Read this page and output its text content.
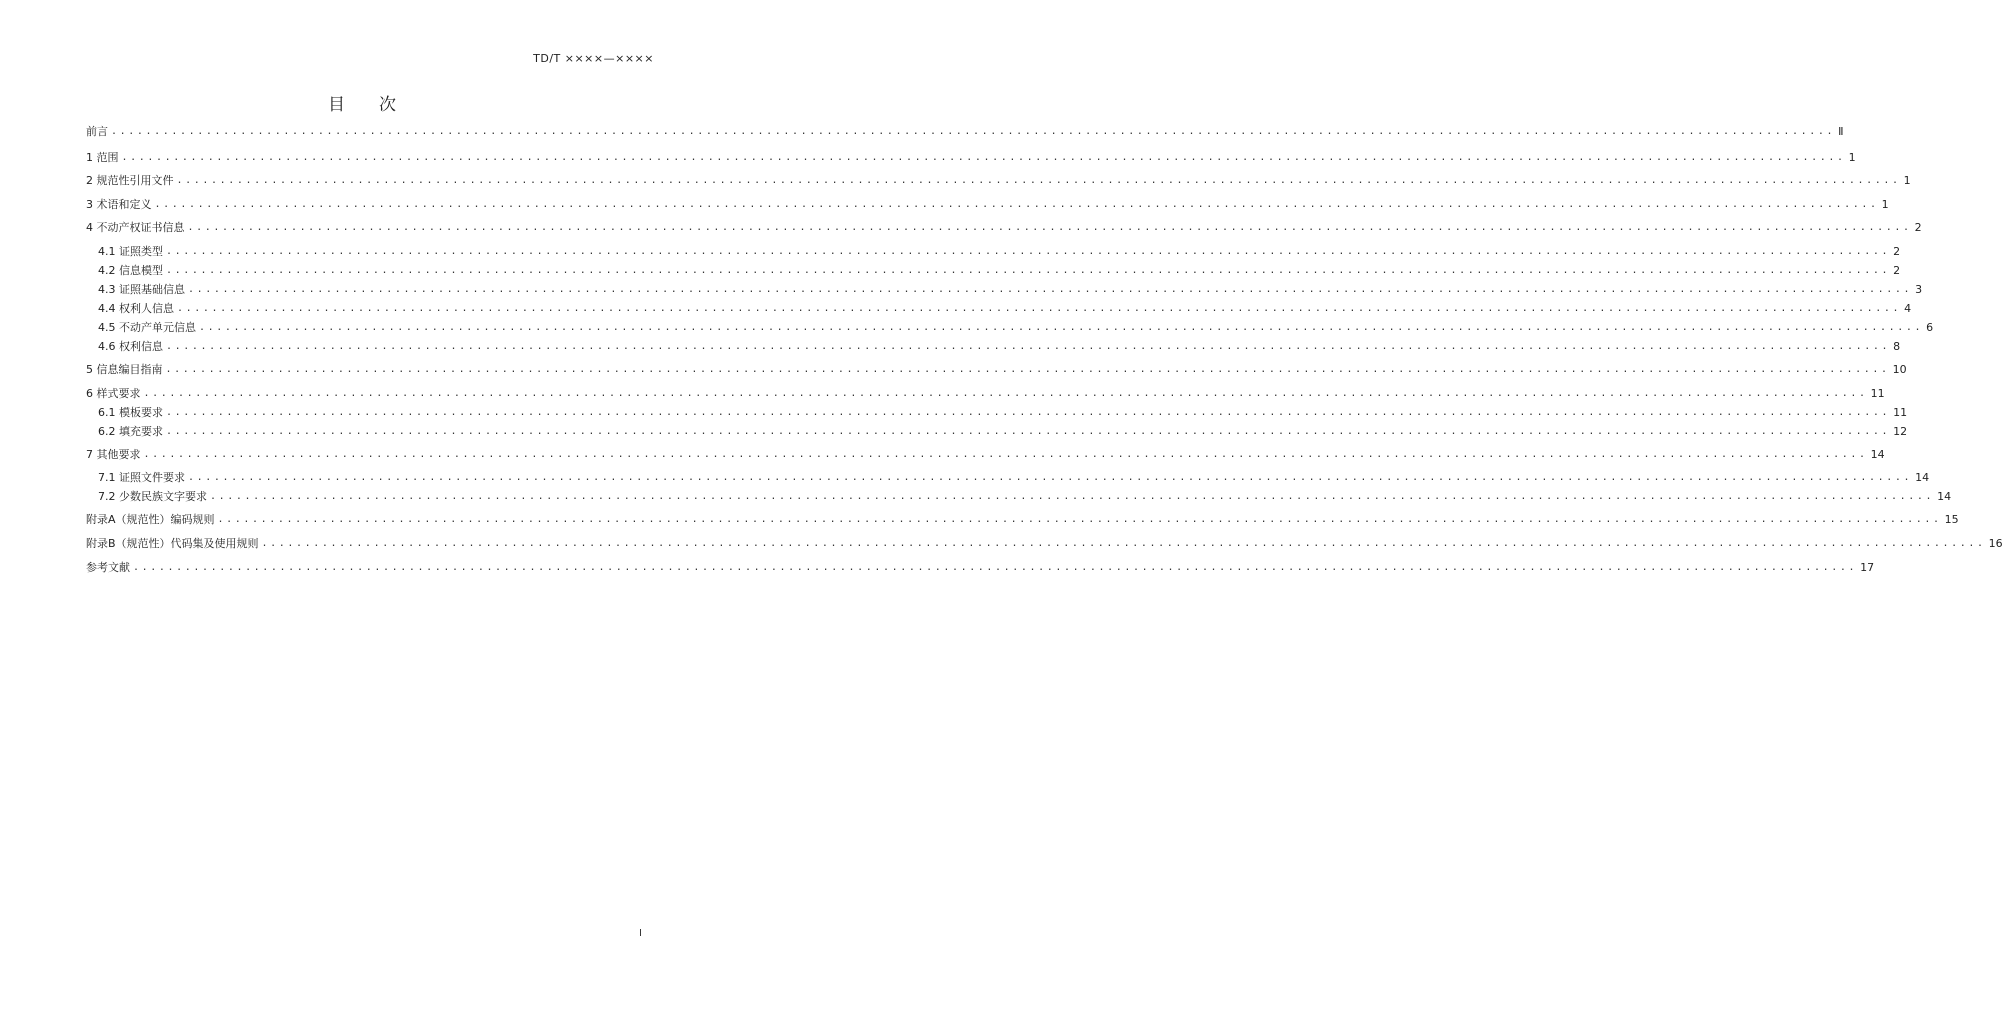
TD/T ××××—××××
目次
前言 ........................................................................................................................................................................................................ Ⅱ
1 范围 ........................................................................................................................................................................................................ 1
2 规范性引用文件 ........................................................................................................................................................................................................ 1
3 术语和定义 ........................................................................................................................................................................................................ 1
4 不动产权证书信息 ........................................................................................................................................................................................................ 2
4.1 证照类型 ........................................................................................................................................................................................................ 2
4.2 信息模型 ........................................................................................................................................................................................................ 2
4.3 证照基础信息 ........................................................................................................................................................................................................ 3
4.4 权利人信息 ........................................................................................................................................................................................................ 4
4.5 不动产单元信息 ........................................................................................................................................................................................................ 6
4.6 权利信息 ........................................................................................................................................................................................................ 8
5 信息编目指南 ........................................................................................................................................................................................................ 10
6 样式要求 ........................................................................................................................................................................................................ 11
6.1 模板要求 ........................................................................................................................................................................................................ 11
6.2 填充要求 ........................................................................................................................................................................................................ 12
7 其他要求 ........................................................................................................................................................................................................ 14
7.1 证照文件要求 ........................................................................................................................................................................................................ 14
7.2 少数民族文字要求 ........................................................................................................................................................................................................ 14
附录A（规范性）编码规则 ........................................................................................................................................................................................................ 15
附录B（规范性）代码集及使用规则 ........................................................................................................................................................................................................ 16
参考文献 ........................................................................................................................................................................................................ 17
I
